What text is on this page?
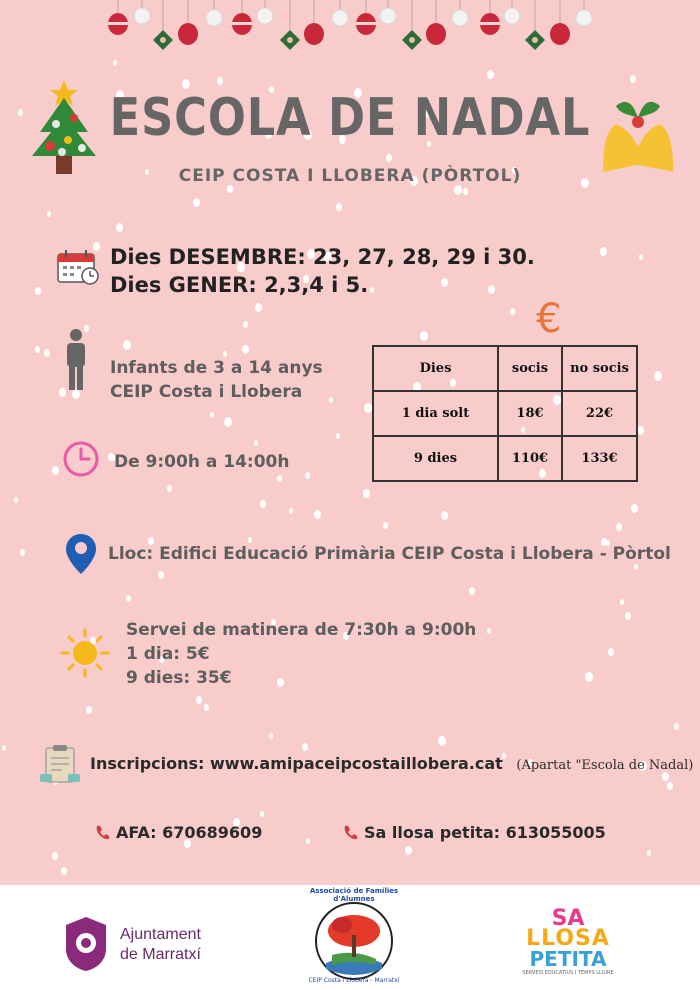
ESCOLA DE NADAL
CEIP COSTA I LLOBERA (PÒRTOL)
Dies DESEMBRE: 23, 27, 28, 29 i 30.
Dies GENER: 2,3,4 i 5.
Infants de 3 a 14 anys
CEIP Costa i Llobera
€
Dies	socis	no socis
1 dia solt	18€	22€
9 dies	110€	133€
De 9:00h a 14:00h
Lloc: Edifici Educació Primària CEIP Costa i Llobera - Pòrtol
Servei de matinera de 7:30h a 9:00h
1 dia: 5€
9 dies: 35€
Inscripcions: www.amipaceipcostaillobera.cat (Apartat "Escola de Nadal)
AFA: 670689609	Sa llosa petita: 613055005
Ajuntament
de Marratxí
Associació de Famílies d'Alumnes
CEIP Costa i Llobera - Marratxí
SA
LLOSA
PETITA
SERVEIS EDUCATIUS I TEMPS LLIURE
